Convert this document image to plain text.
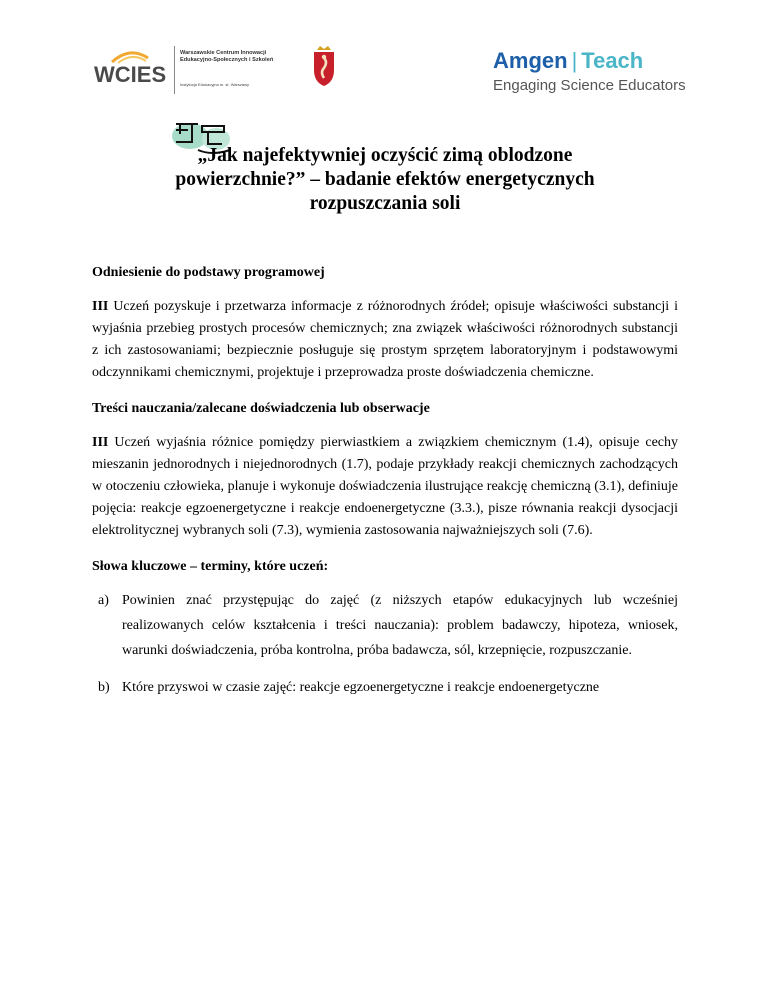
WCIES
Warszawskie Centrum Innowacji Edukacyjno-Społecznych i Szkoleń
Instytucja Edukacyjna m. st. Warszawy
Amgen | Teach
Engaging Science Educators
„Jak najefektywniej oczyścić zimą oblodzone powierzchnie?” – badanie efektów energetycznych rozpuszczania soli

Odniesienie do podstawy programowej

III Uczeń pozyskuje i przetwarza informacje z różnorodnych źródeł; opisuje właściwości substancji i wyjaśnia przebieg prostych procesów chemicznych; zna związek właściwości różnorodnych substancji z ich zastosowaniami; bezpiecznie posługuje się prostym sprzętem laboratoryjnym i podstawowymi odczynnikami chemicznymi, projektuje i przeprowadza proste doświadczenia chemiczne.

Treści nauczania/zalecane doświadczenia lub obserwacje

III Uczeń wyjaśnia różnice pomiędzy pierwiastkiem a związkiem chemicznym (1.4), opisuje cechy mieszanin jednorodnych i niejednorodnych (1.7), podaje przykłady reakcji chemicznych zachodzących w otoczeniu człowieka, planuje i wykonuje doświadczenia ilustrujące reakcję chemiczną (3.1), definiuje pojęcia: reakcje egzoenergetyczne i reakcje endoenergetyczne (3.3.), pisze równania reakcji dysocjacji elektrolitycznej wybranych soli (7.3), wymienia zastosowania najważniejszych soli (7.6).

Słowa kluczowe – terminy, które uczeń:

a) Powinien znać przystępując do zajęć (z niższych etapów edukacyjnych lub wcześniej realizowanych celów kształcenia i treści nauczania): problem badawczy, hipoteza, wniosek, warunki doświadczenia, próba kontrolna, próba badawcza, sól, krzepnięcie, rozpuszczanie.
b) Które przyswoi w czasie zajęć: reakcje egzoenergetyczne i reakcje endoenergetyczne
